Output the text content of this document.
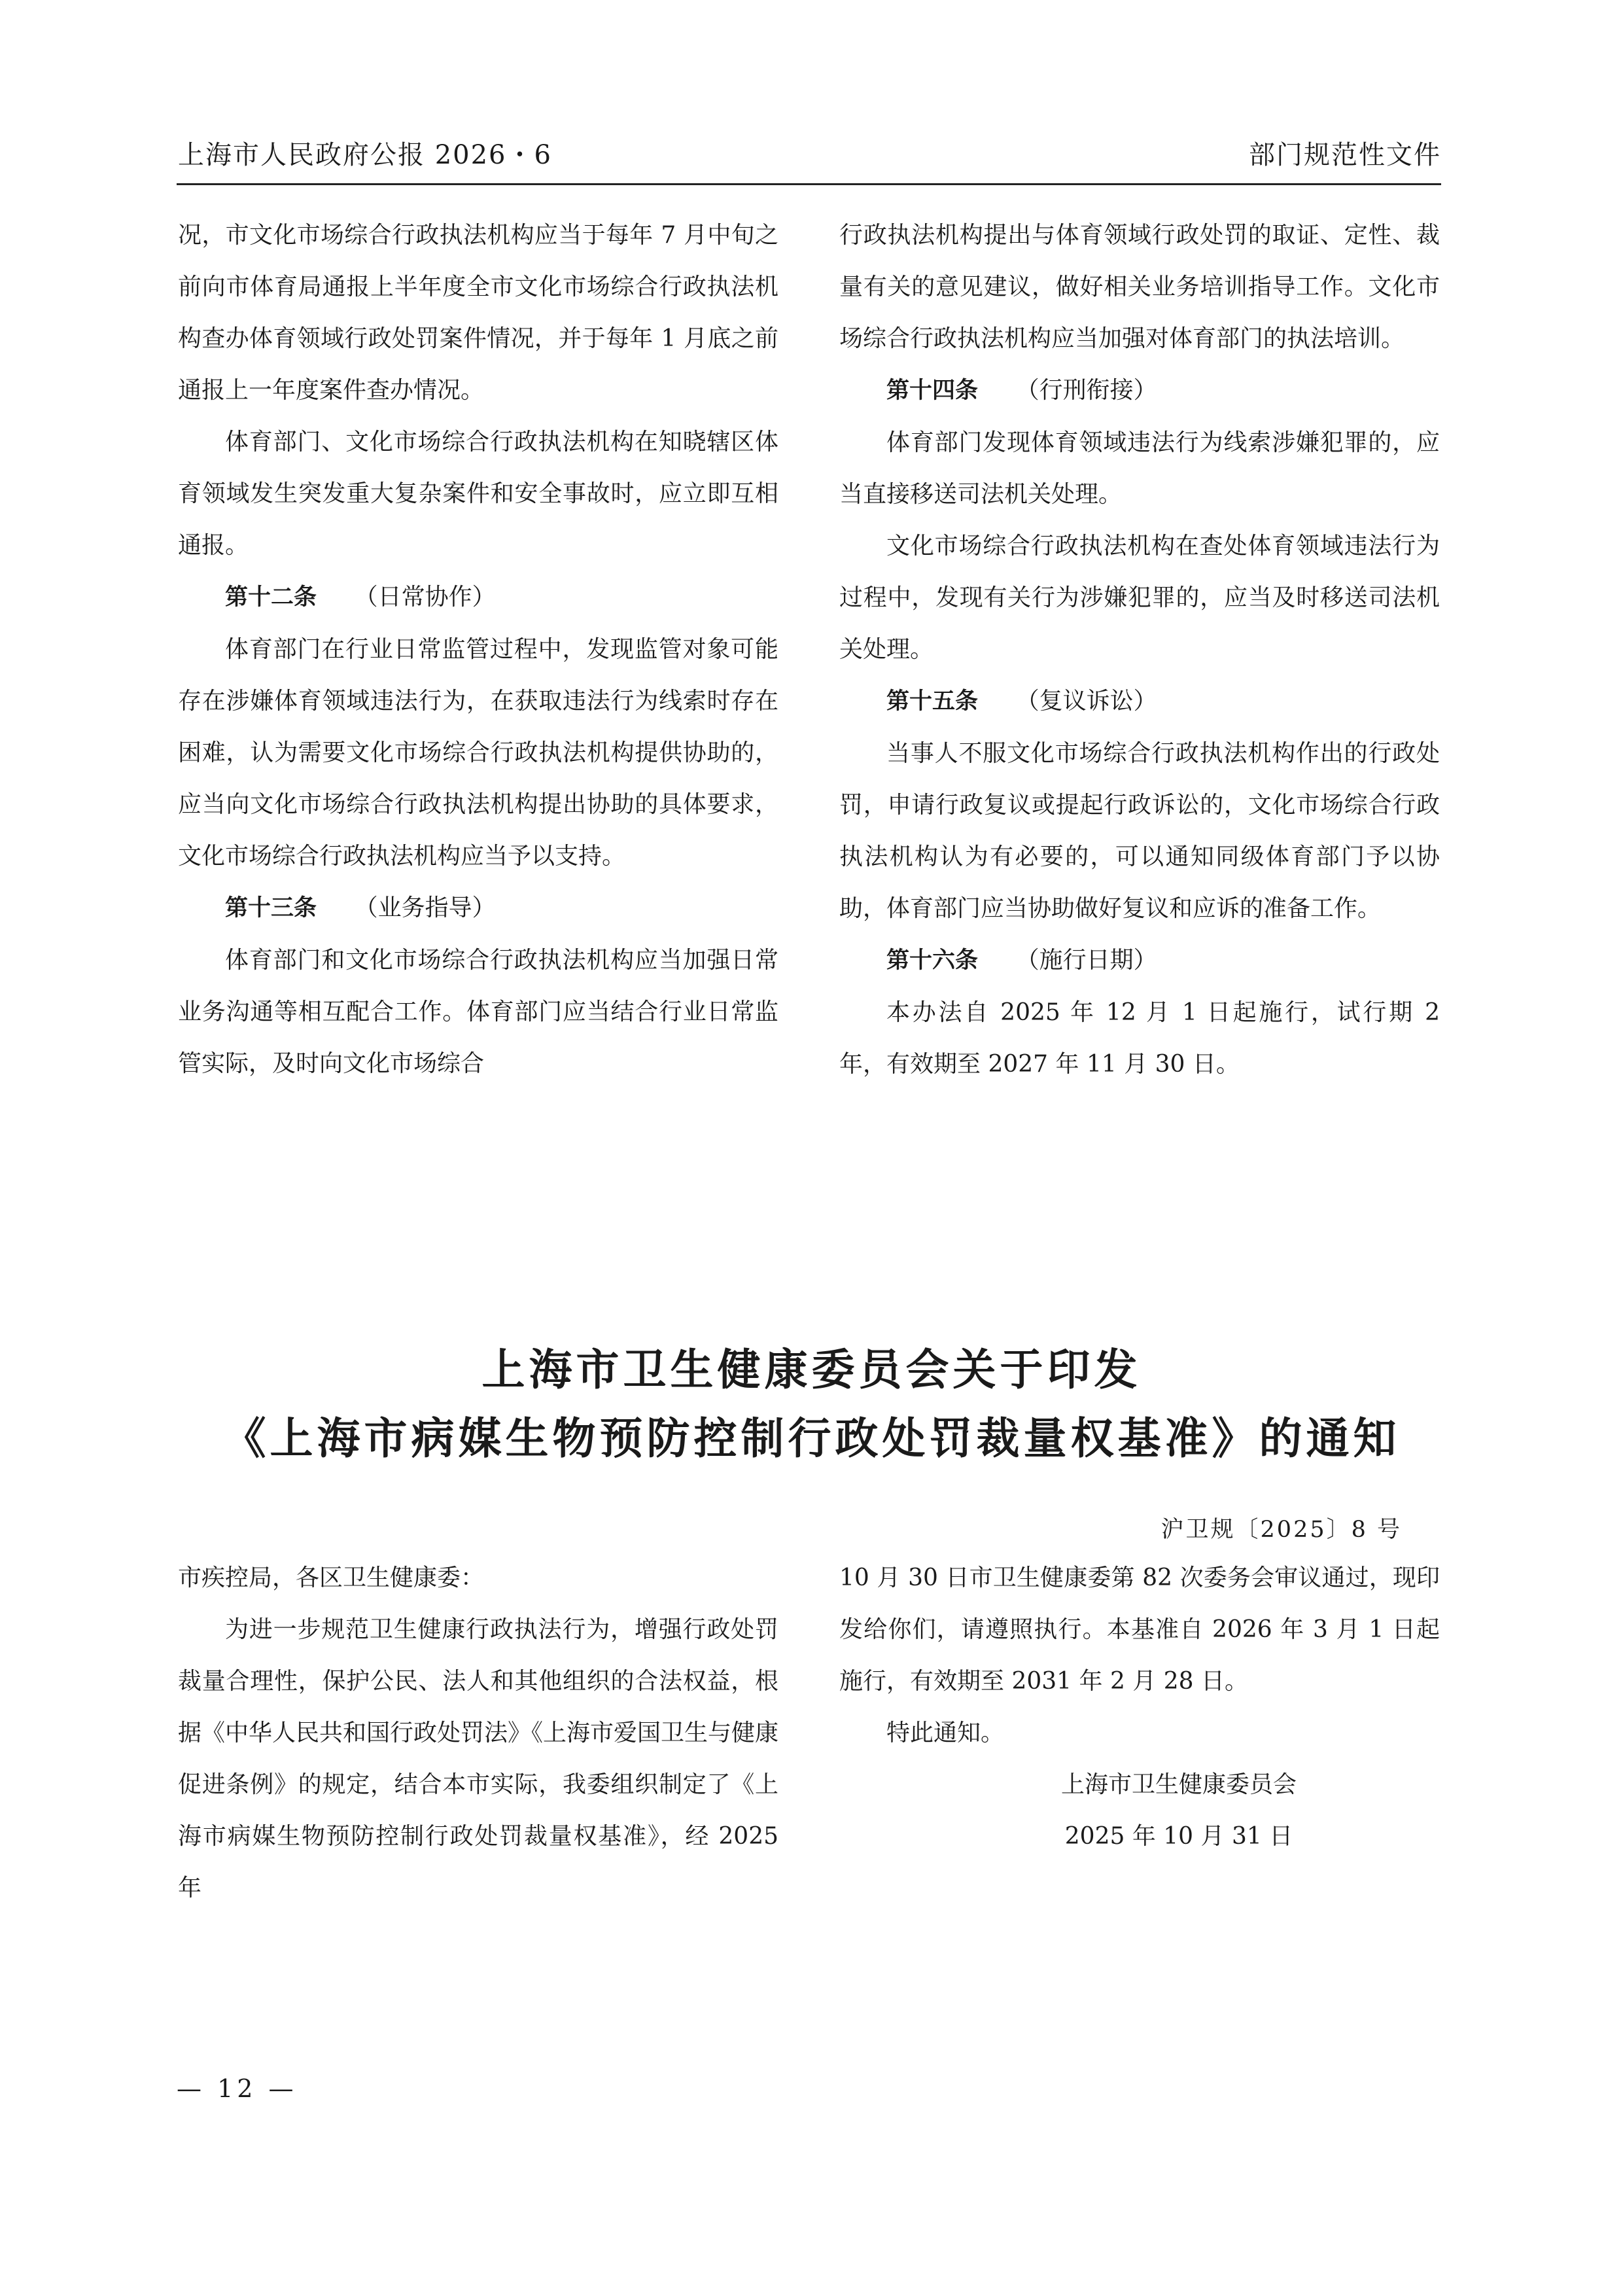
上海市人民政府公报 2026・6	部门规范性文件

况，市文化市场综合行政执法机构应当于每年 7 月中旬之前向市体育局通报上半年度全市文化市场综合行政执法机构查办体育领域行政处罚案件情况，并于每年 1 月底之前通报上一年度案件查办情况。

体育部门、文化市场综合行政执法机构在知晓辖区体育领域发生突发重大复杂案件和安全事故时，应立即互相通报。

第十二条 （日常协作）

体育部门在行业日常监管过程中，发现监管对象可能存在涉嫌体育领域违法行为，在获取违法行为线索时存在困难，认为需要文化市场综合行政执法机构提供协助的，应当向文化市场综合行政执法机构提出协助的具体要求，文化市场综合行政执法机构应当予以支持。

第十三条 （业务指导）

体育部门和文化市场综合行政执法机构应当加强日常业务沟通等相互配合工作。体育部门应当结合行业日常监管实际，及时向文化市场综合

行政执法机构提出与体育领域行政处罚的取证、定性、裁量有关的意见建议，做好相关业务培训指导工作。文化市场综合行政执法机构应当加强对体育部门的执法培训。

第十四条 （行刑衔接）

体育部门发现体育领域违法行为线索涉嫌犯罪的，应当直接移送司法机关处理。

文化市场综合行政执法机构在查处体育领域违法行为过程中，发现有关行为涉嫌犯罪的，应当及时移送司法机关处理。

第十五条 （复议诉讼）

当事人不服文化市场综合行政执法机构作出的行政处罚，申请行政复议或提起行政诉讼的，文化市场综合行政执法机构认为有必要的，可以通知同级体育部门予以协助，体育部门应当协助做好复议和应诉的准备工作。

第十六条 （施行日期）

本办法自 2025 年 12 月 1 日起施行，试行期 2 年，有效期至 2027 年 11 月 30 日。

上海市卫生健康委员会关于印发
《上海市病媒生物预防控制行政处罚裁量权基准》的通知
沪卫规〔2025〕8 号

市疾控局，各区卫生健康委：

为进一步规范卫生健康行政执法行为，增强行政处罚裁量合理性，保护公民、法人和其他组织的合法权益，根据《中华人民共和国行政处罚法》《上海市爱国卫生与健康促进条例》的规定，结合本市实际，我委组织制定了《上海市病媒生物预防控制行政处罚裁量权基准》，经 2025 年

10 月 30 日市卫生健康委第 82 次委务会审议通过，现印发给你们，请遵照执行。本基准自 2026 年 3 月 1 日起施行，有效期至 2031 年 2 月 28 日。

特此通知。

上海市卫生健康委员会

2025 年 10 月 31 日

— 12 —
